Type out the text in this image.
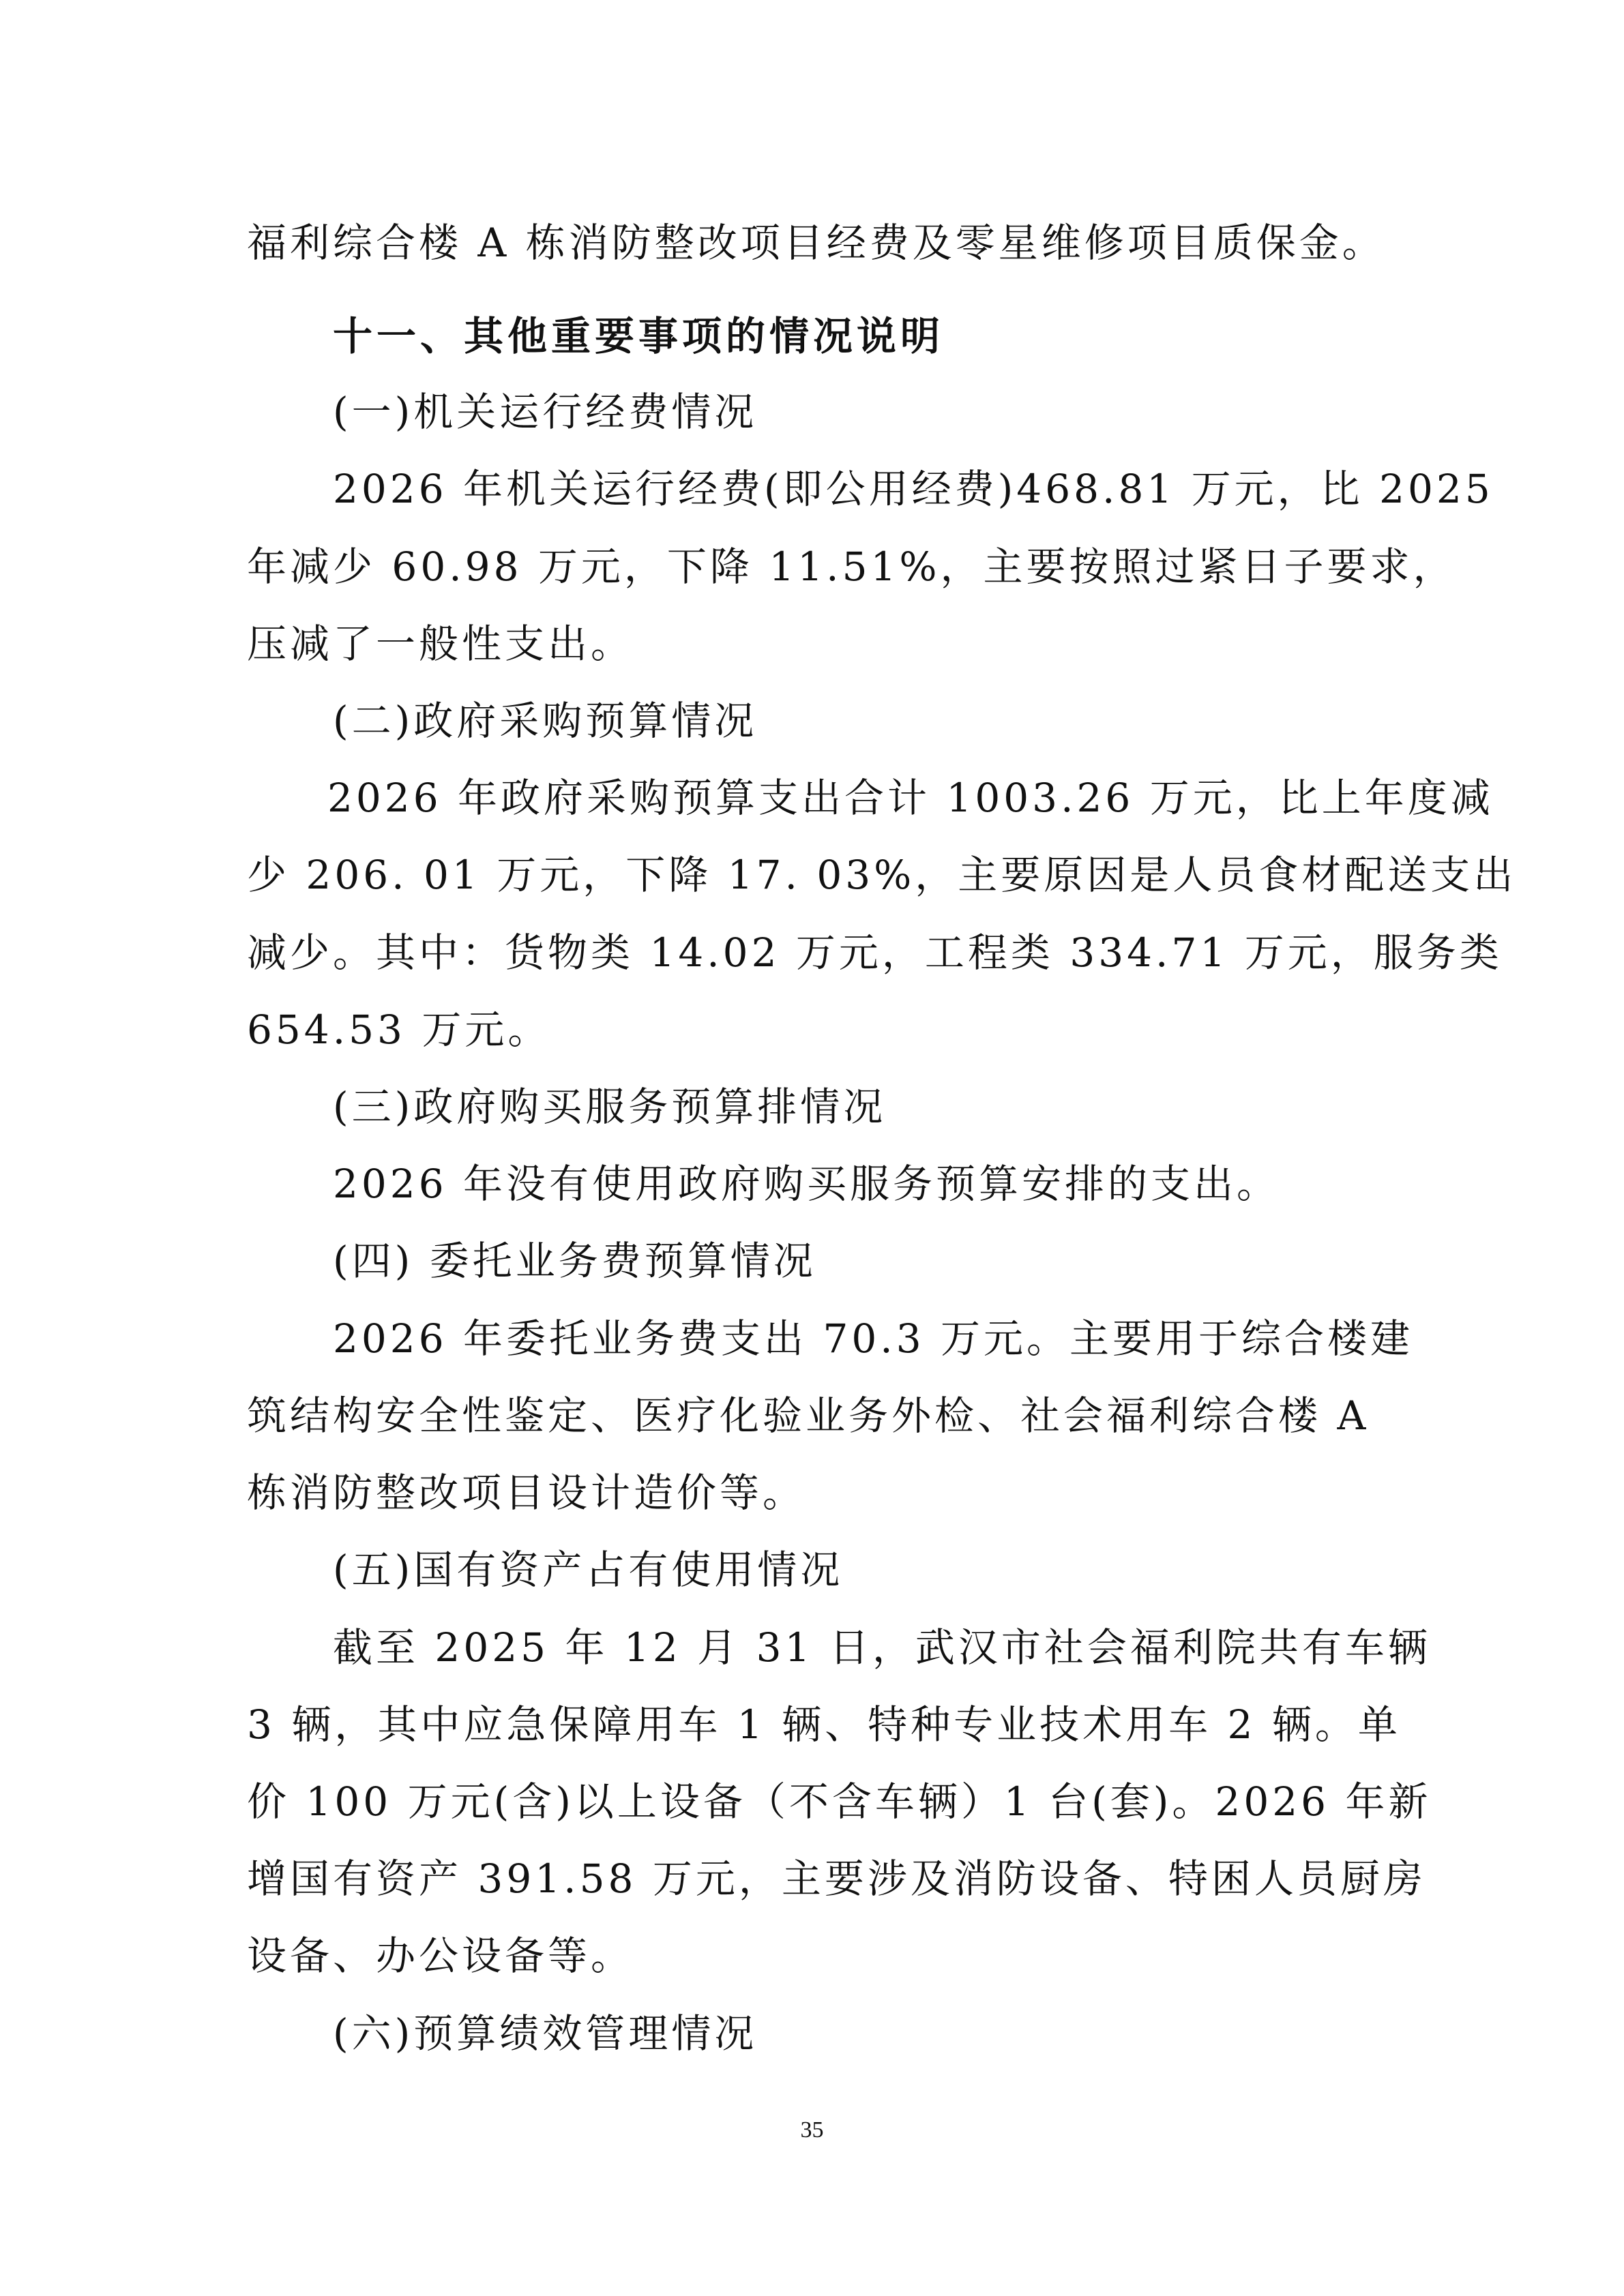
福利综合楼 A 栋消防整改项目经费及零星维修项目质保金。
十一、其他重要事项的情况说明
(一)机关运行经费情况
2026 年机关运行经费(即公用经费)468.81 万元，比 2025
年减少 60.98 万元，下降 11.51%，主要按照过紧日子要求，
压减了一般性支出。
(二)政府采购预算情况
2026 年政府采购预算支出合计 1003.26 万元，比上年度减
少 206. 01 万元，下降 17. 03%，主要原因是人员食材配送支出
减少。其中：货物类 14.02 万元，工程类 334.71 万元，服务类
654.53 万元。
(三)政府购买服务预算排情况
2026 年没有使用政府购买服务预算安排的支出。
(四) 委托业务费预算情况
2026 年委托业务费支出 70.3 万元。主要用于综合楼建
筑结构安全性鉴定、医疗化验业务外检、社会福利综合楼 A
栋消防整改项目设计造价等。
(五)国有资产占有使用情况
截至 2025 年 12 月 31 日，武汉市社会福利院共有车辆
3 辆，其中应急保障用车 1 辆、特种专业技术用车 2 辆。单
价 100 万元(含)以上设备（不含车辆）1 台(套)。2026 年新
增国有资产 391.58 万元，主要涉及消防设备、特困人员厨房
设备、办公设备等。
(六)预算绩效管理情况
35
